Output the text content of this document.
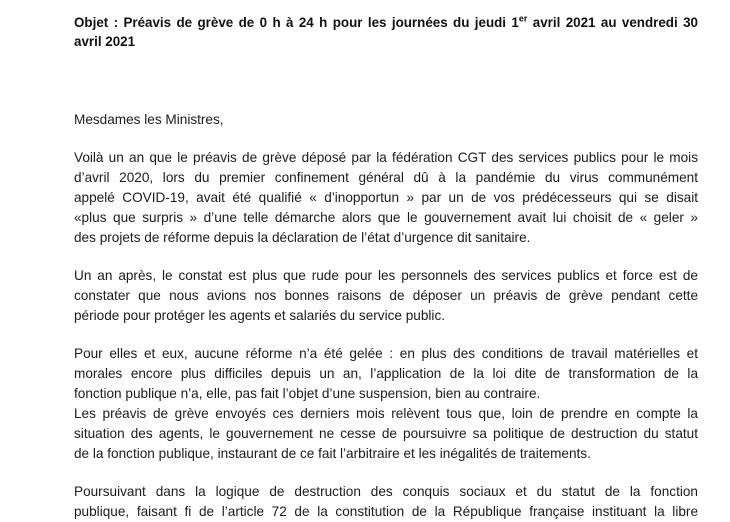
Objet : Préavis de grève de 0 h à 24 h pour les journées du jeudi 1er avril 2021 au vendredi 30
avril 2021

Mesdames les Ministres,

Voilà un an que le préavis de grève déposé par la fédération CGT des services publics pour le mois
d’avril 2020, lors du premier confinement général dû à la pandémie du virus communément
appelé COVID-19, avait été qualifié « d’inopportun » par un de vos prédécesseurs qui se disait
«plus que surpris » d’une telle démarche alors que le gouvernement avait lui choisit de « geler »
des projets de réforme depuis la déclaration de l’état d’urgence dit sanitaire.

Un an après, le constat est plus que rude pour les personnels des services publics et force est de
constater que nous avions nos bonnes raisons de déposer un préavis de grève pendant cette
période pour protéger les agents et salariés du service public.

Pour elles et eux, aucune réforme n’a été gelée : en plus des conditions de travail matérielles et
morales encore plus difficiles depuis un an, l’application de la loi dite de transformation de la
fonction publique n’a, elle, pas fait l’objet d’une suspension, bien au contraire.

Les préavis de grève envoyés ces derniers mois relèvent tous que, loin de prendre en compte la
situation des agents, le gouvernement ne cesse de poursuivre sa politique de destruction du statut
de la fonction publique, instaurant de ce fait l’arbitraire et les inégalités de traitements.

Poursuivant dans la logique de destruction des conquis sociaux et du statut de la fonction
publique, faisant fi de l’article 72 de la constitution de la République française instituant la libre
